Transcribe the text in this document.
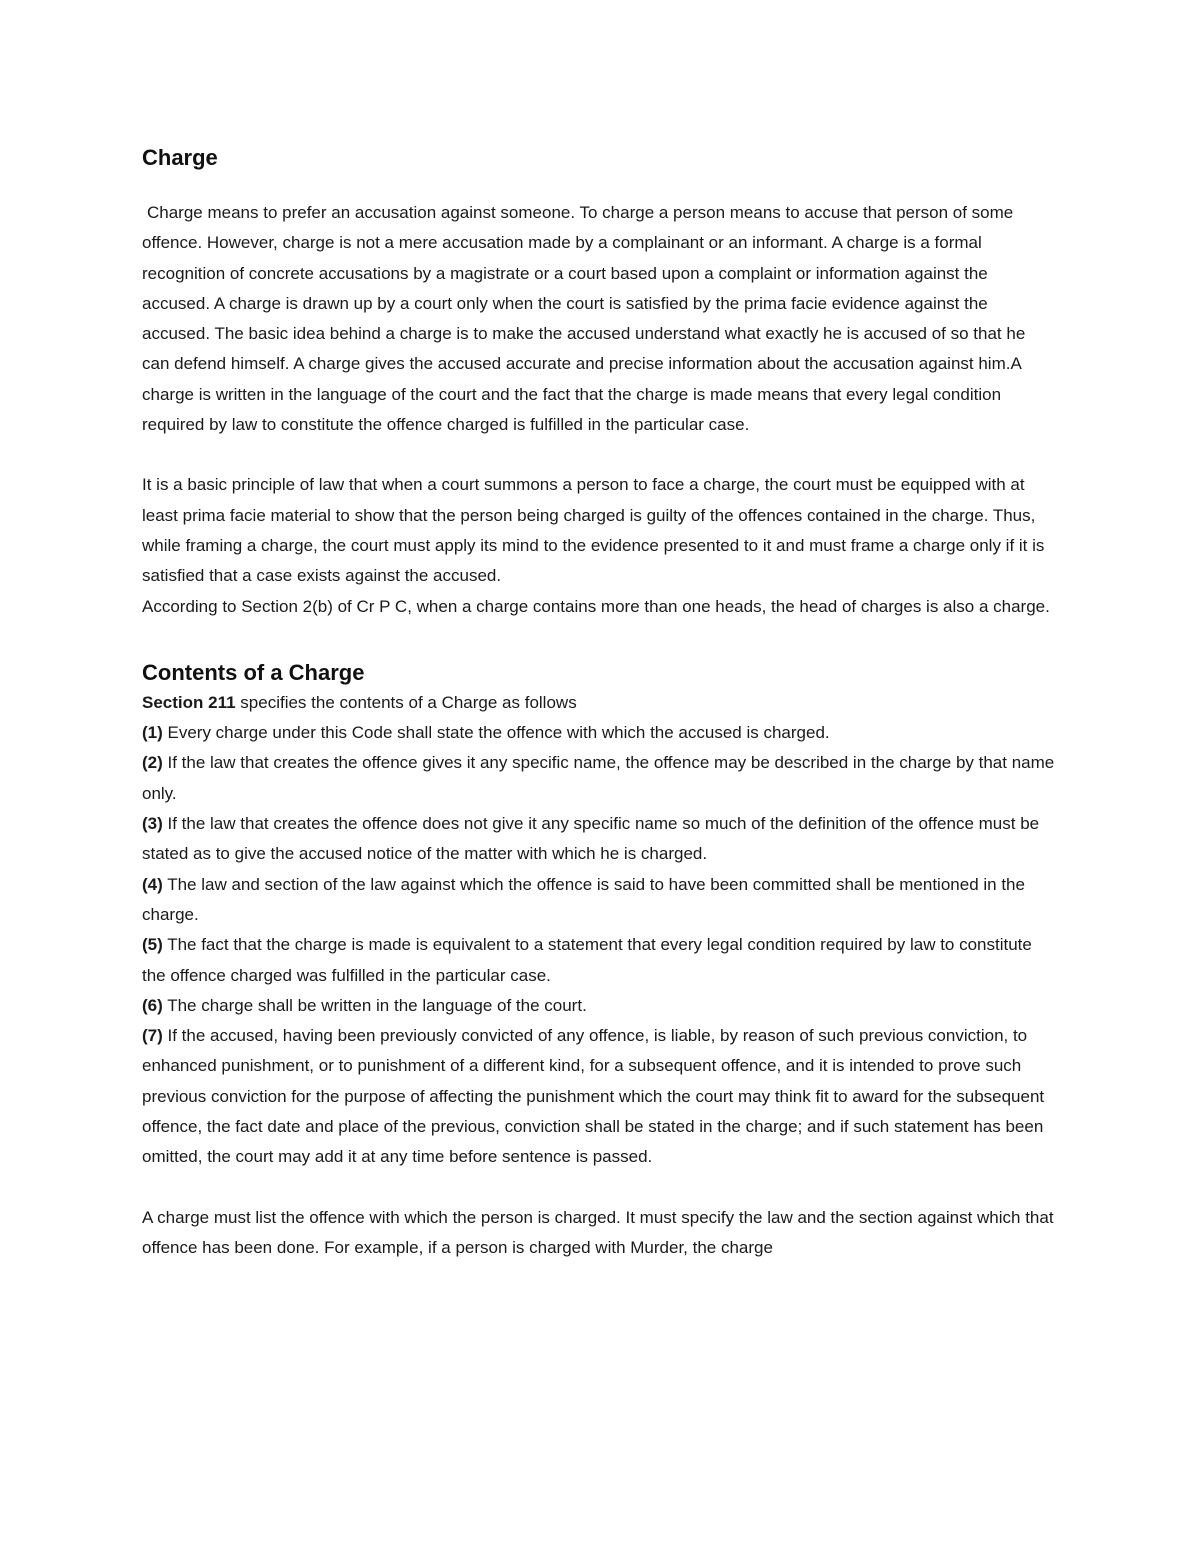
Charge

Charge means to prefer an accusation against someone. To charge a person means to accuse that person of some offence. However, charge is not a mere accusation made by a complainant or an informant. A charge is a formal recognition of concrete accusations by a magistrate or a court based upon a complaint or information against the accused. A charge is drawn up by a court only when the court is satisfied by the prima facie evidence against the accused. The basic idea behind a charge is to make the accused understand what exactly he is accused of so that he can defend himself. A charge gives the accused accurate and precise information about the accusation against him.A charge is written in the language of the court and the fact that the charge is made means that every legal condition required by law to constitute the offence charged is fulfilled in the particular case.

It is a basic principle of law that when a court summons a person to face a charge, the court must be equipped with at least prima facie material to show that the person being charged is guilty of the offences contained in the charge. Thus, while framing a charge, the court must apply its mind to the evidence presented to it and must frame a charge only if it is satisfied that a case exists against the accused.

According to Section 2(b) of Cr P C, when a charge contains more than one heads, the head of charges is also a charge.

Contents of a Charge

Section 211 specifies the contents of a Charge as follows

(1) Every charge under this Code shall state the offence with which the accused is charged.

(2) If the law that creates the offence gives it any specific name, the offence may be described in the charge by that name only.

(3) If the law that creates the offence does not give it any specific name so much of the definition of the offence must be stated as to give the accused notice of the matter with which he is charged.

(4) The law and section of the law against which the offence is said to have been committed shall be mentioned in the charge.

(5) The fact that the charge is made is equivalent to a statement that every legal condition required by law to constitute the offence charged was fulfilled in the particular case.

(6) The charge shall be written in the language of the court.

(7) If the accused, having been previously convicted of any offence, is liable, by reason of such previous conviction, to enhanced punishment, or to punishment of a different kind, for a subsequent offence, and it is intended to prove such previous conviction for the purpose of affecting the punishment which the court may think fit to award for the subsequent offence, the fact date and place of the previous, conviction shall be stated in the charge; and if such statement has been omitted, the court may add it at any time before sentence is passed.

A charge must list the offence with which the person is charged. It must specify the law and the section against which that offence has been done. For example, if a person is charged with Murder, the charge
